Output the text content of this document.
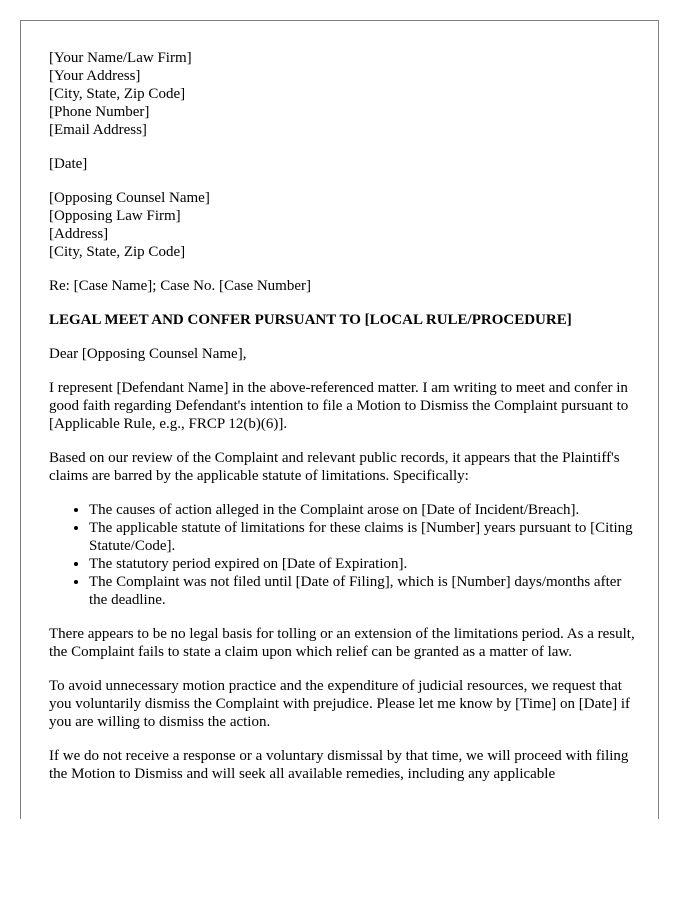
[Your Name/Law Firm]
[Your Address]
[City, State, Zip Code]
[Phone Number]
[Email Address]
[Date]
[Opposing Counsel Name]
[Opposing Law Firm]
[Address]
[City, State, Zip Code]

Re: [Case Name]; Case No. [Case Number]

LEGAL MEET AND CONFER PURSUANT TO [LOCAL RULE/PROCEDURE]

Dear [Opposing Counsel Name],

I represent [Defendant Name] in the above-referenced matter. I am writing to meet and confer in good faith regarding Defendant's intention to file a Motion to Dismiss the Complaint pursuant to [Applicable Rule, e.g., FRCP 12(b)(6)].

Based on our review of the Complaint and relevant public records, it appears that the Plaintiff's claims are barred by the applicable statute of limitations. Specifically:

• The causes of action alleged in the Complaint arose on [Date of Incident/Breach].
• The applicable statute of limitations for these claims is [Number] years pursuant to [Citing Statute/Code].
• The statutory period expired on [Date of Expiration].
• The Complaint was not filed until [Date of Filing], which is [Number] days/months after the deadline.

There appears to be no legal basis for tolling or an extension of the limitations period. As a result, the Complaint fails to state a claim upon which relief can be granted as a matter of law.

To avoid unnecessary motion practice and the expenditure of judicial resources, we request that you voluntarily dismiss the Complaint with prejudice. Please let me know by [Time] on [Date] if you are willing to dismiss the action.

If we do not receive a response or a voluntary dismissal by that time, we will proceed with filing the Motion to Dismiss and will seek all available remedies, including any applicable
